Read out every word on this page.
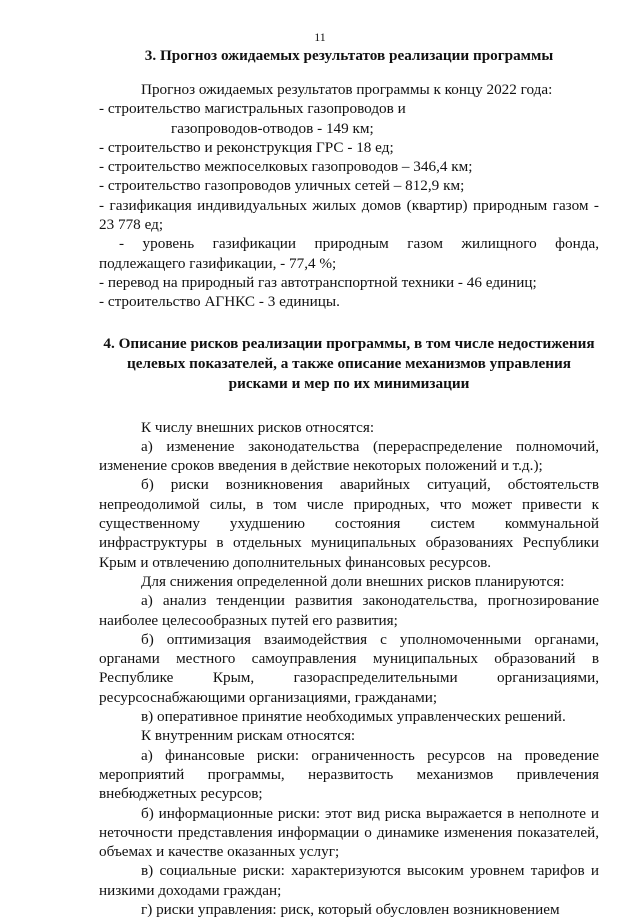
11
3. Прогноз ожидаемых результатов реализации программы

Прогноз ожидаемых результатов программы к концу 2022 года:

- строительство магистральных газопроводов и

газопроводов-отводов - 149 км;

- строительство и реконструкция ГРС - 18 ед;

- строительство межпоселковых газопроводов – 346,4 км;

- строительство газопроводов уличных сетей – 812,9 км;

- газификация индивидуальных жилых домов (квартир) природным газом - 23 778 ед;

- уровень газификации природным газом жилищного фонда, подлежащего газификации, - 77,4 %;

- перевод на природный газ автотранспортной техники - 46 единиц;

- строительство АГНКС - 3 единицы.

4. Описание рисков реализации программы, в том числе недостижения целевых показателей, а также описание механизмов управления рисками и мер по их минимизации

К числу внешних рисков относятся:

а) изменение законодательства (перераспределение полномочий, изменение сроков введения в действие некоторых положений и т.д.);

б) риски возникновения аварийных ситуаций, обстоятельств непреодолимой силы, в том числе природных, что может привести к существенному ухудшению состояния систем коммунальной инфраструктуры в отдельных муниципальных образованиях Республики Крым и отвлечению дополнительных финансовых ресурсов.

Для снижения определенной доли внешних рисков планируются:

а) анализ тенденции развития законодательства, прогнозирование наиболее целесообразных путей его развития;

б) оптимизация взаимодействия с уполномоченными органами, органами местного самоуправления муниципальных образований в Республике Крым, газораспределительными организациями, ресурсоснабжающими организациями, гражданами;

в) оперативное принятие необходимых управленческих решений.

К внутренним рискам относятся:

а) финансовые риски: ограниченность ресурсов на проведение мероприятий программы, неразвитость механизмов привлечения внебюджетных ресурсов;

б) информационные риски: этот вид риска выражается в неполноте и неточности представления информации о динамике изменения показателей, объемах и качестве оказанных услуг;

в) социальные риски: характеризуются высоким уровнем тарифов и низкими доходами граждан;

г) риски управления: риск, который обусловлен возникновением
